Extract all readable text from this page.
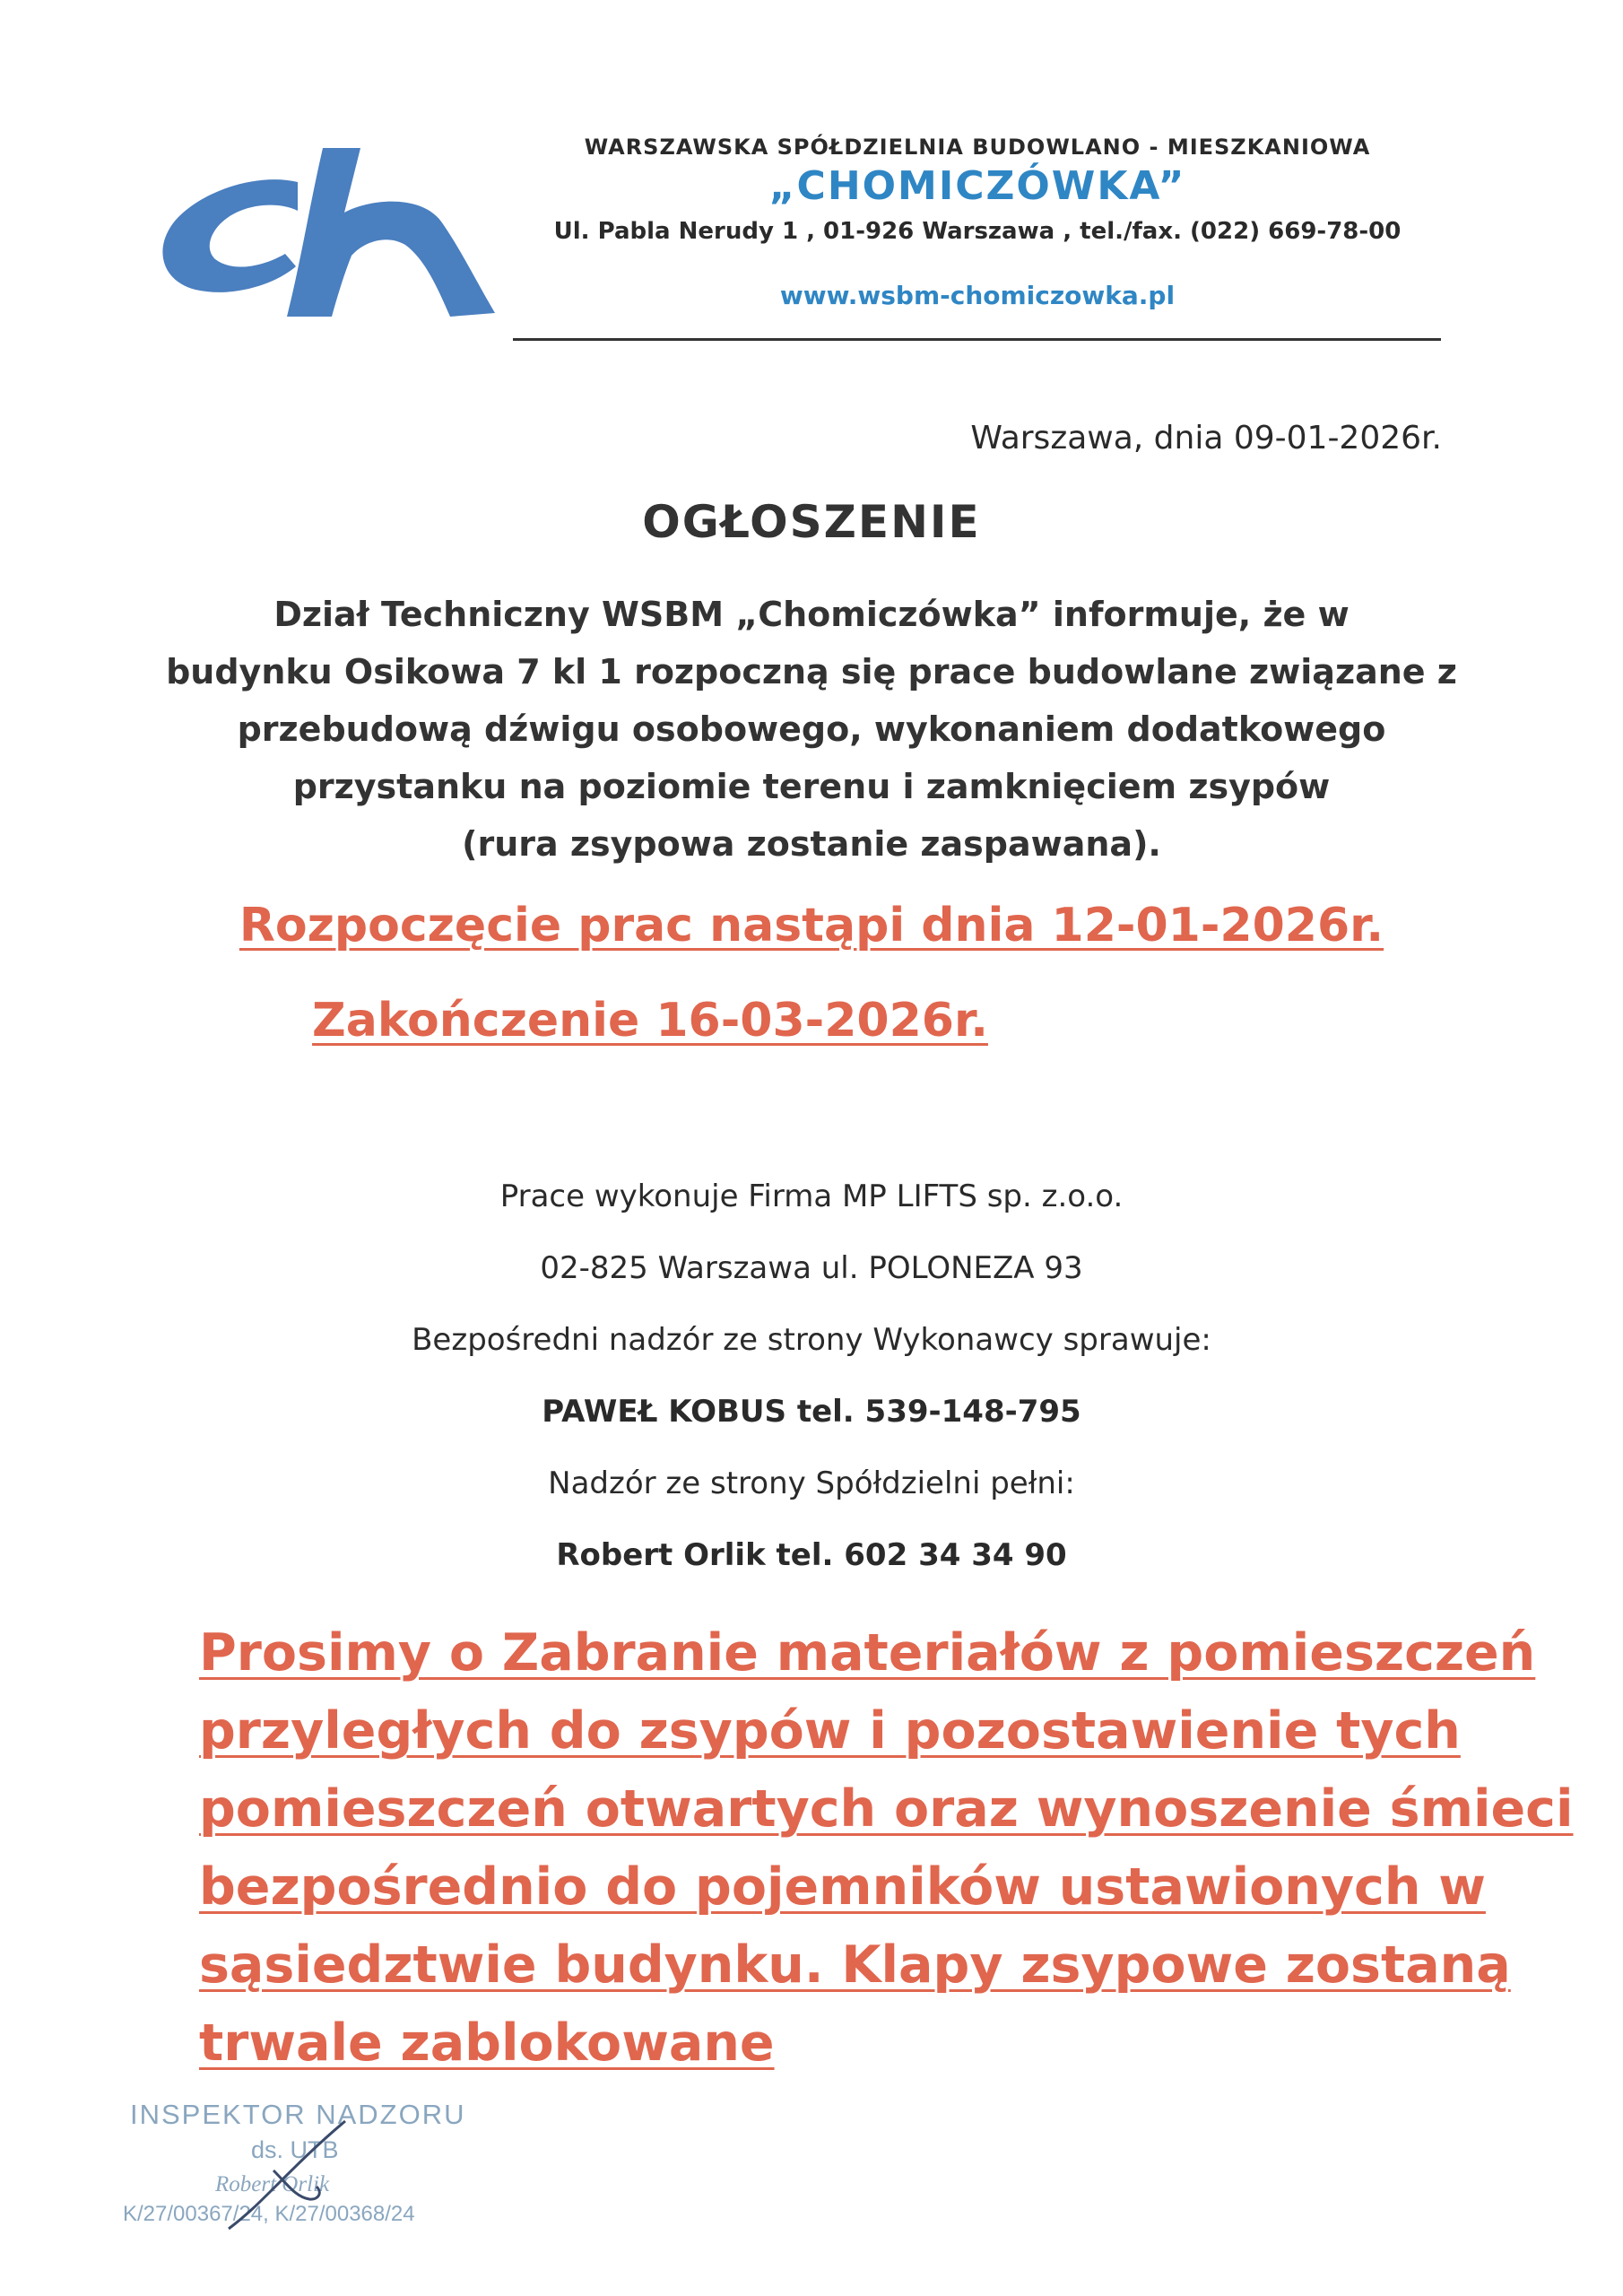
WARSZAWSKA SPÓŁDZIELNIA BUDOWLANO - MIESZKANIOWA
„CHOMICZÓWKA”
Ul. Pabla Nerudy 1 , 01-926 Warszawa , tel./fax. (022) 669-78-00
www.wsbm-chomiczowka.pl
Warszawa, dnia 09-01-2026r.
OGŁOSZENIE
Dział Techniczny WSBM „Chomiczówka” informuje, że w
budynku Osikowa 7 kl 1 rozpoczną się prace budowlane związane z
przebudową dźwigu osobowego, wykonaniem dodatkowego
przystanku na poziomie terenu i zamknięciem zsypów
(rura zsypowa zostanie zaspawana).
Rozpoczęcie prac nastąpi dnia 12-01-2026r.
Zakończenie 16-03-2026r.
Prace wykonuje Firma MP LIFTS sp. z.o.o.
02-825 Warszawa ul. POLONEZA 93
Bezpośredni nadzór ze strony Wykonawcy sprawuje:
PAWEŁ KOBUS tel. 539-148-795
Nadzór ze strony Spółdzielni pełni:
Robert Orlik tel. 602 34 34 90
Prosimy o Zabranie materiałów z pomieszczeń
przyległych do zsypów i pozostawienie tych
pomieszczeń otwartych oraz wynoszenie śmieci
bezpośrednio do pojemników ustawionych w
sąsiedztwie budynku. Klapy zsypowe zostaną
trwale zablokowane
INSPEKTOR NADZORU
ds. UTB
Robert Orlik
K/27/00367/24, K/27/00368/24
